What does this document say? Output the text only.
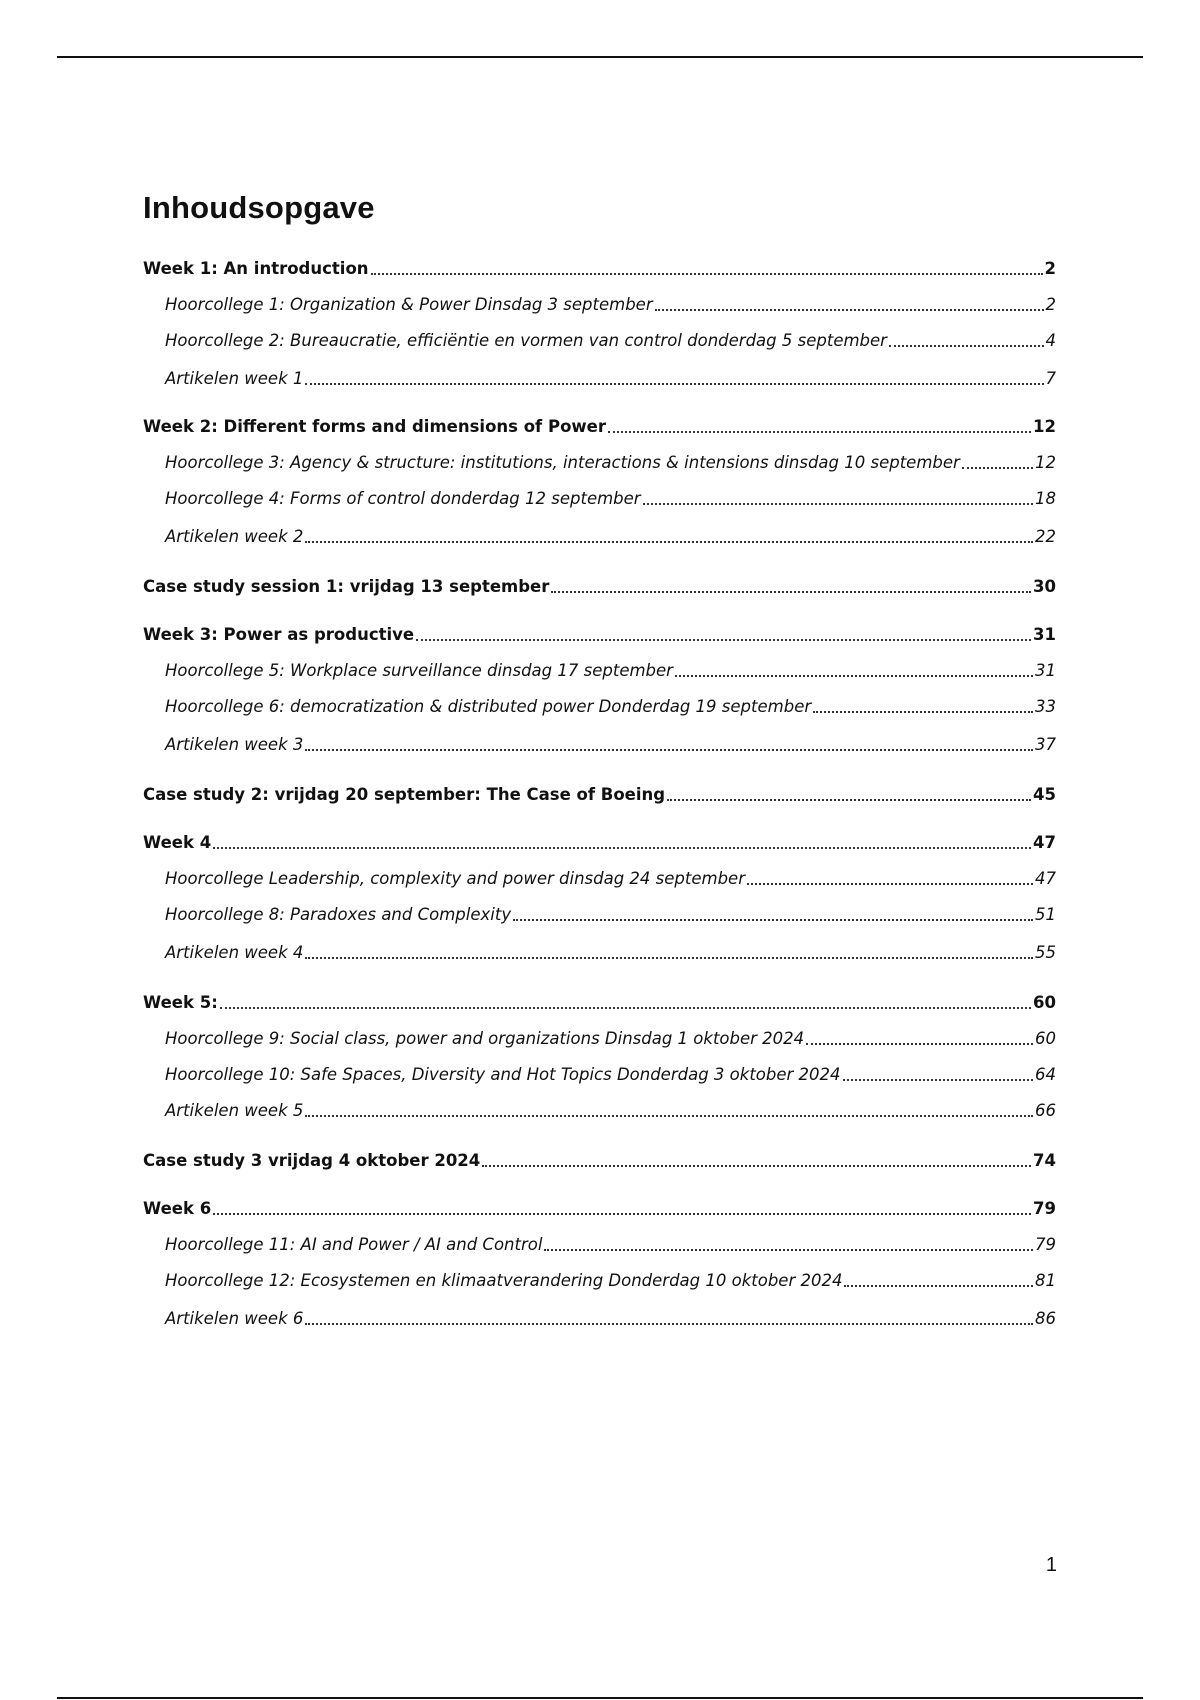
Inhoudsopgave
Week 1: An introduction	2
Hoorcollege 1: Organization & Power Dinsdag 3 september	2
Hoorcollege 2: Bureaucratie, efficiëntie en vormen van control donderdag 5 september	4
Artikelen week 1	7
Week 2: Different forms and dimensions of Power	12
Hoorcollege 3: Agency & structure: institutions, interactions & intensions dinsdag 10 september	12
Hoorcollege 4: Forms of control donderdag 12 september	18
Artikelen week 2	22
Case study session 1: vrijdag 13 september	30
Week 3: Power as productive	31
Hoorcollege 5: Workplace surveillance dinsdag 17 september	31
Hoorcollege 6: democratization & distributed power Donderdag 19 september	33
Artikelen week 3	37
Case study 2: vrijdag 20 september: The Case of Boeing	45
Week 4	47
Hoorcollege Leadership, complexity and power dinsdag 24 september	47
Hoorcollege 8: Paradoxes and Complexity	51
Artikelen week 4	55
Week 5:	60
Hoorcollege 9: Social class, power and organizations Dinsdag 1 oktober 2024	60
Hoorcollege 10: Safe Spaces, Diversity and Hot Topics Donderdag 3 oktober 2024	64
Artikelen week 5	66
Case study 3 vrijdag 4 oktober 2024	74
Week 6	79
Hoorcollege 11: AI and Power / AI and Control	79
Hoorcollege 12: Ecosystemen en klimaatverandering Donderdag 10 oktober 2024	81
Artikelen week 6	86
1
